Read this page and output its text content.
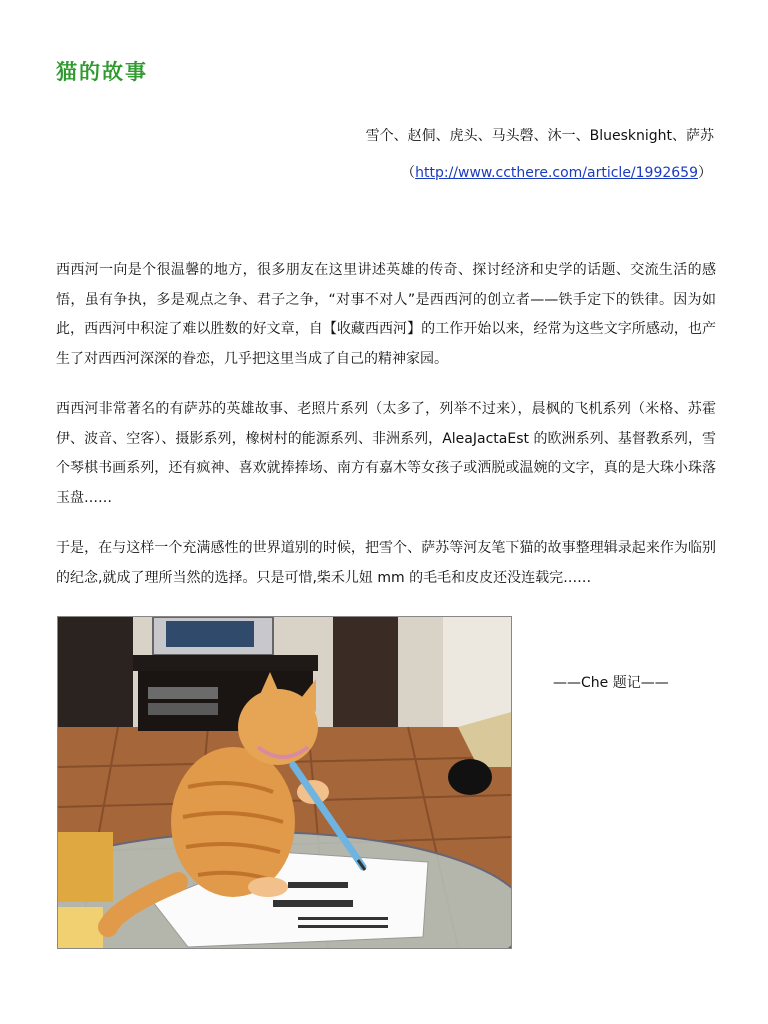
猫的故事
雪个、赵侗、虎头、马头磬、沐一、Bluesknight、萨苏
（http://www.ccthere.com/article/1992659）

西西河一向是个很温馨的地方，很多朋友在这里讲述英雄的传奇、探讨经济和史学的话题、交流生活的感悟，虽有争执，多是观点之争、君子之争，“对事不对人”是西西河的创立者——铁手定下的铁律。因为如此，西西河中积淀了难以胜数的好文章，自【收藏西西河】的工作开始以来，经常为这些文字所感动，也产生了对西西河深深的眷恋，几乎把这里当成了自己的精神家园。

西西河非常著名的有萨苏的英雄故事、老照片系列（太多了，列举不过来），晨枫的飞机系列（米格、苏霍伊、波音、空客）、摄影系列，橡树村的能源系列、非洲系列，AleaJactaEst 的欧洲系列、基督教系列，雪个琴棋书画系列，还有疯神、喜欢就捧捧场、南方有嘉木等女孩子或洒脱或温婉的文字，真的是大珠小珠落玉盘……

于是，在与这样一个充满感性的世界道别的时候，把雪个、萨苏等河友笔下猫的故事整理辑录起来作为临别的纪念,就成了理所当然的选择。只是可惜,柴禾儿妞 mm 的毛毛和皮皮还没连载完……

——Che 题记——
